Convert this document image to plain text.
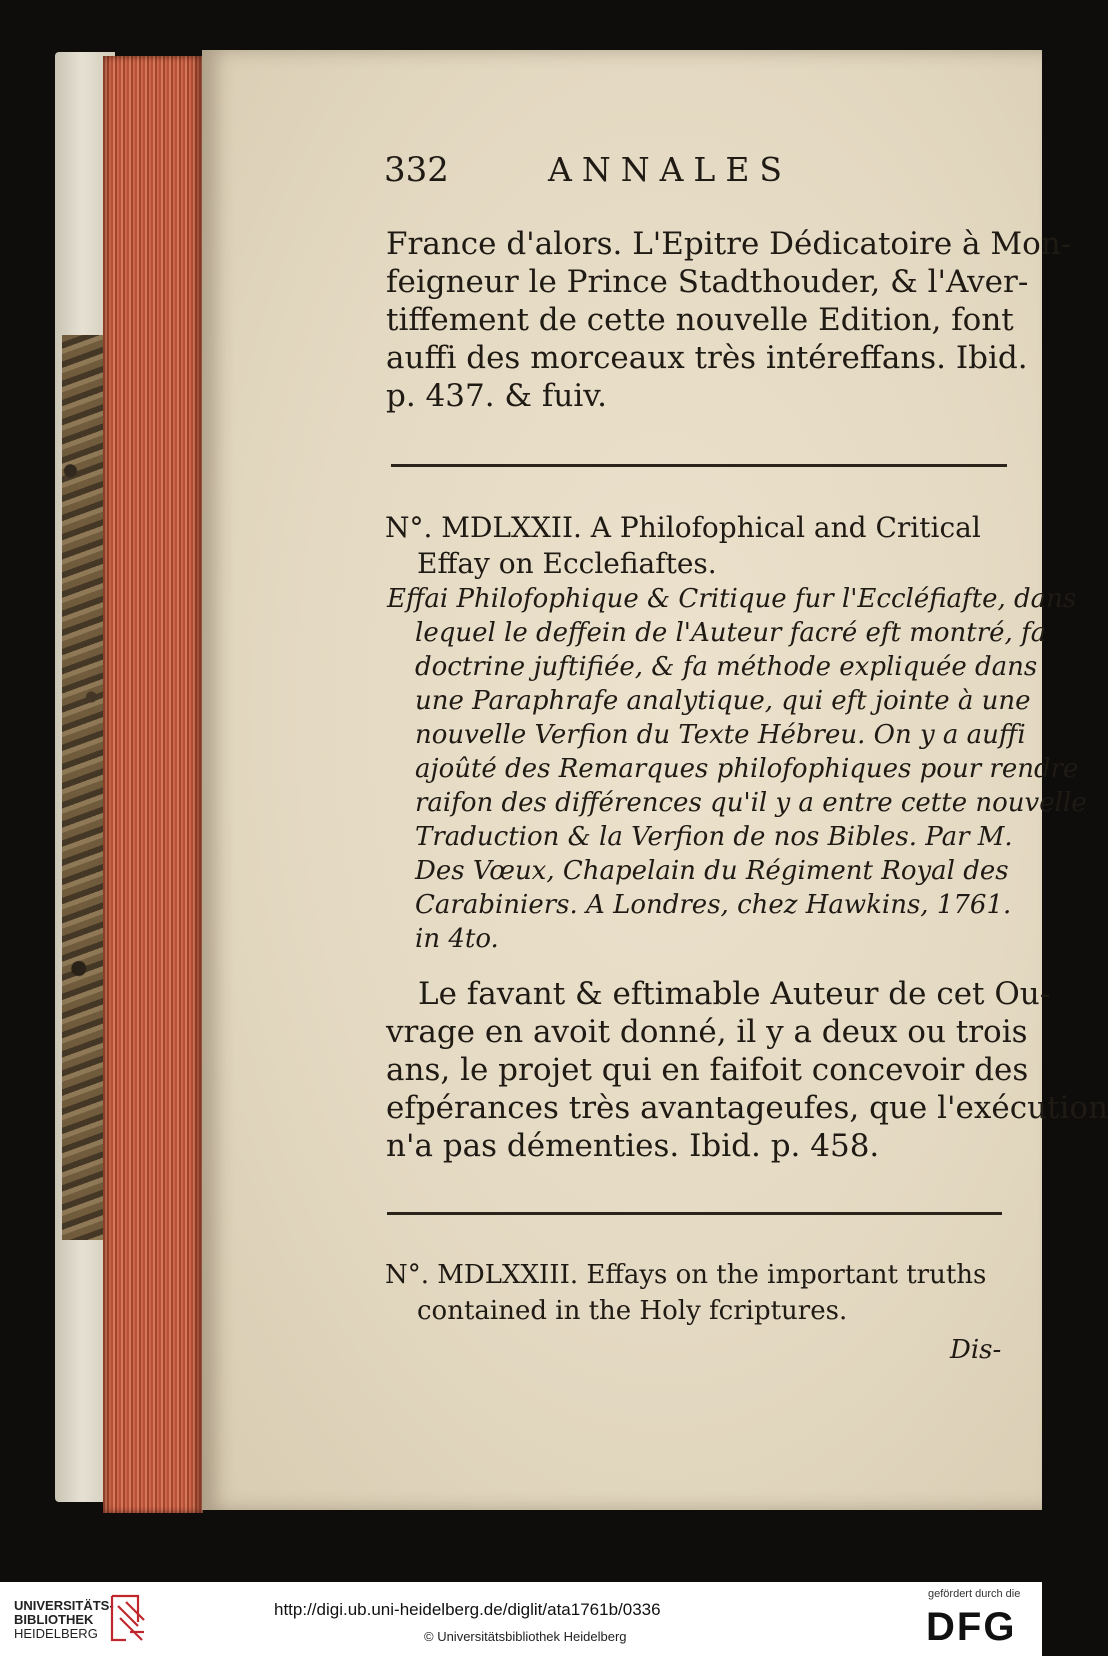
332	ANNALES
France d'alors. L'Epitre Dédicatoire à Mon-
feigneur le Prince Stadthouder, & l'Aver-
tiffement de cette nouvelle Edition, font
auffi des morceaux très intéreffans. Ibid.
p. 437. & fuiv.
N°. MDLXXII. A Philofophical and Critical
Effay on Ecclefiaftes.
Effai Philofophique & Critique fur l'Eccléfiafte, dans
lequel le deffein de l'Auteur facré eft montré, fa
doctrine juftifiée, & fa méthode expliquée dans
une Paraphrafe analytique, qui eft jointe à une
nouvelle Verfion du Texte Hébreu. On y a auffi
ajoûté des Remarques philofophiques pour rendre
raifon des différences qu'il y a entre cette nouvelle
Traduction & la Verfion de nos Bibles. Par M.
Des Vœux, Chapelain du Régiment Royal des
Carabiniers. A Londres, chez Hawkins, 1761.
in 4to.
Le favant & eftimable Auteur de cet Ou-
vrage en avoit donné, il y a deux ou trois
ans, le projet qui en faifoit concevoir des
efpérances très avantageufes, que l'exécution
n'a pas démenties. Ibid. p. 458.
N°. MDLXXIII. Effays on the important truths
contained in the Holy fcriptures.
Dis-
UNIVERSITÄTS-
BIBLIOTHEK
HEIDELBERG
http://digi.ub.uni-heidelberg.de/diglit/ata1761b/0336
© Universitätsbibliothek Heidelberg
gefördert durch die
DFG
